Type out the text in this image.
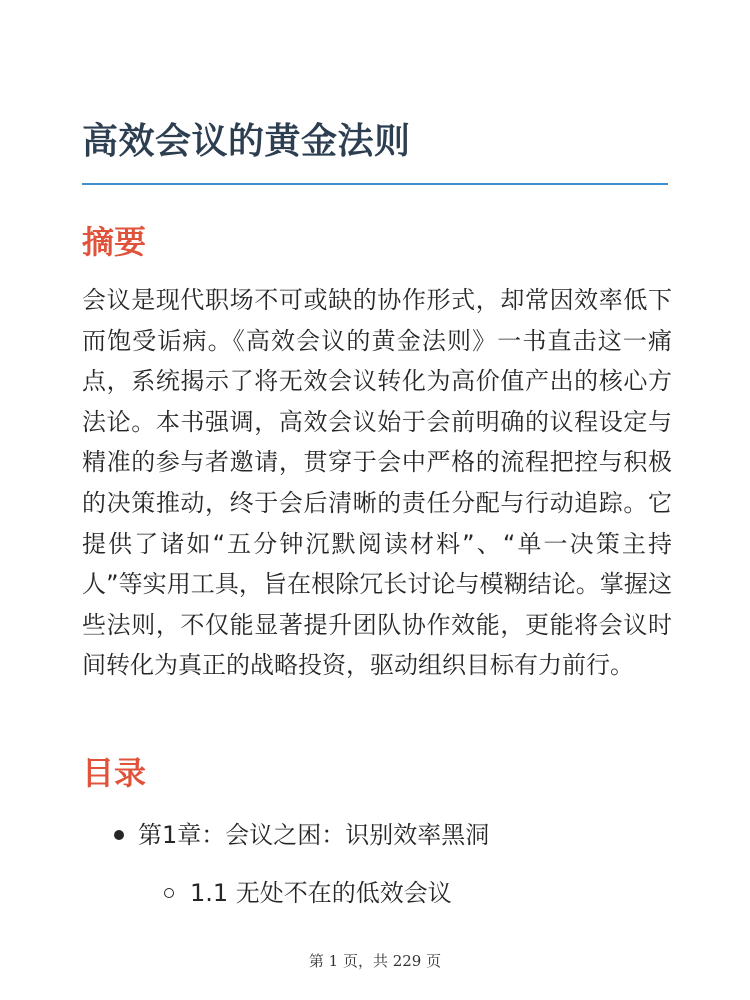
高效会议的黄金法则
摘要

会议是现代职场不可或缺的协作形式，却常因效率低下而饱受诟病。《高效会议的黄金法则》一书直击这一痛点，系统揭示了将无效会议转化为高价值产出的核心方法论。本书强调，高效会议始于会前明确的议程设定与精准的参与者邀请，贯穿于会中严格的流程把控与积极的决策推动，终于会后清晰的责任分配与行动追踪。它提供了诸如“五分钟沉默阅读材料”、“单一决策主持人”等实用工具，旨在根除冗长讨论与模糊结论。掌握这些法则，不仅能显著提升团队协作效能，更能将会议时间转化为真正的战略投资，驱动组织目标有力前行。

目录
第1章：会议之困：识别效率黑洞
1.1 无处不在的低效会议
第 1 页，共 229 页
